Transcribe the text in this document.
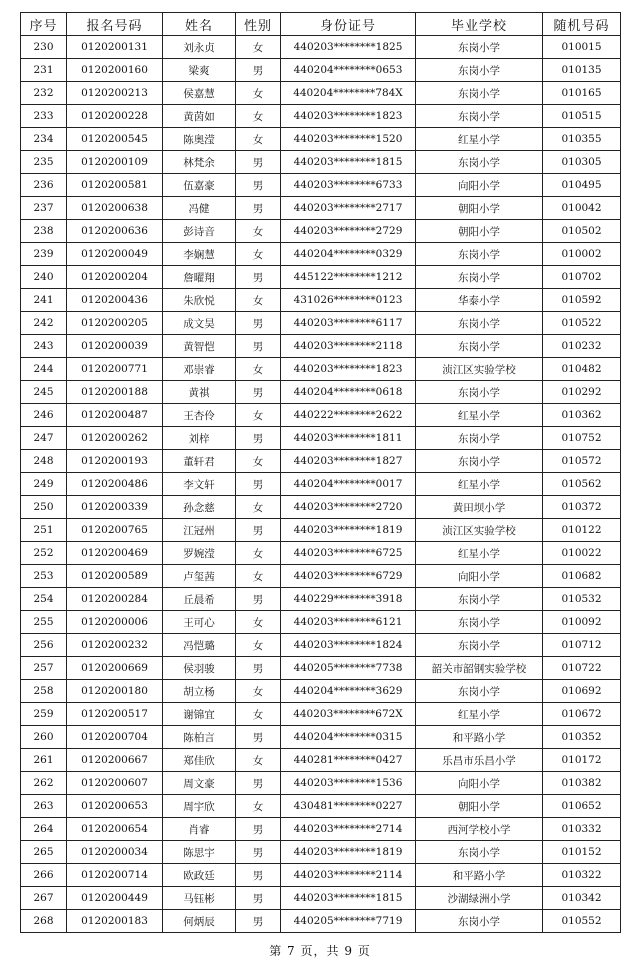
序号	报名号码	姓名	性别	身份证号	毕业学校	随机号码
230	0120200131	刘永贞	女	440203********1825	东岗小学	010015
231	0120200160	梁爽	男	440204********0653	东岗小学	010135
232	0120200213	侯嘉慧	女	440204********784X	东岗小学	010165
233	0120200228	黄茵如	女	440203********1823	东岗小学	010515
234	0120200545	陈奥滢	女	440203********1520	红星小学	010355
235	0120200109	林梵余	男	440203********1815	东岗小学	010305
236	0120200581	伍嘉豪	男	440203********6733	向阳小学	010495
237	0120200638	冯健	男	440203********2717	朝阳小学	010042
238	0120200636	彭诗音	女	440203********2729	朝阳小学	010502
239	0120200049	李娴慧	女	440204********0329	东岗小学	010002
240	0120200204	詹曜翔	男	445122********1212	东岗小学	010702
241	0120200436	朱欣悦	女	431026********0123	华泰小学	010592
242	0120200205	成文昊	男	440203********6117	东岗小学	010522
243	0120200039	黄智恺	男	440203********2118	东岗小学	010232
244	0120200771	邓崇睿	女	440203********1823	浈江区实验学校	010482
245	0120200188	黄祺	男	440204********0618	东岗小学	010292
246	0120200487	王杏伶	女	440222********2622	红星小学	010362
247	0120200262	刘梓	男	440203********1811	东岗小学	010752
248	0120200193	董轩君	女	440203********1827	东岗小学	010572
249	0120200486	李文轩	男	440204********0017	红星小学	010562
250	0120200339	孙念慈	女	440203********2720	黄田坝小学	010372
251	0120200765	江冠州	男	440203********1819	浈江区实验学校	010122
252	0120200469	罗婉滢	女	440203********6725	红星小学	010022
253	0120200589	卢玺茜	女	440203********6729	向阳小学	010682
254	0120200284	丘晨希	男	440229********3918	东岗小学	010532
255	0120200006	王可心	女	440203********6121	东岗小学	010092
256	0120200232	冯恺璐	女	440203********1824	东岗小学	010712
257	0120200669	侯羽骏	男	440205********7738	韶关市韶钢实验学校	010722
258	0120200180	胡立杨	女	440204********3629	东岗小学	010692
259	0120200517	谢锦宜	女	440203********672X	红星小学	010672
260	0120200704	陈柏言	男	440204********0315	和平路小学	010352
261	0120200667	郑佳欣	女	440281********0427	乐昌市乐昌小学	010172
262	0120200607	周文豪	男	440203********1536	向阳小学	010382
263	0120200653	周宇欣	女	430481********0227	朝阳小学	010652
264	0120200654	肖睿	男	440203********2714	西河学校小学	010332
265	0120200034	陈思宇	男	440203********1819	东岗小学	010152
266	0120200714	欧政廷	男	440203********2114	和平路小学	010322
267	0120200449	马钰彬	男	440203********1815	沙湖绿洲小学	010342
268	0120200183	何炳辰	男	440205********7719	东岗小学	010552
第 7 页，共 9 页
